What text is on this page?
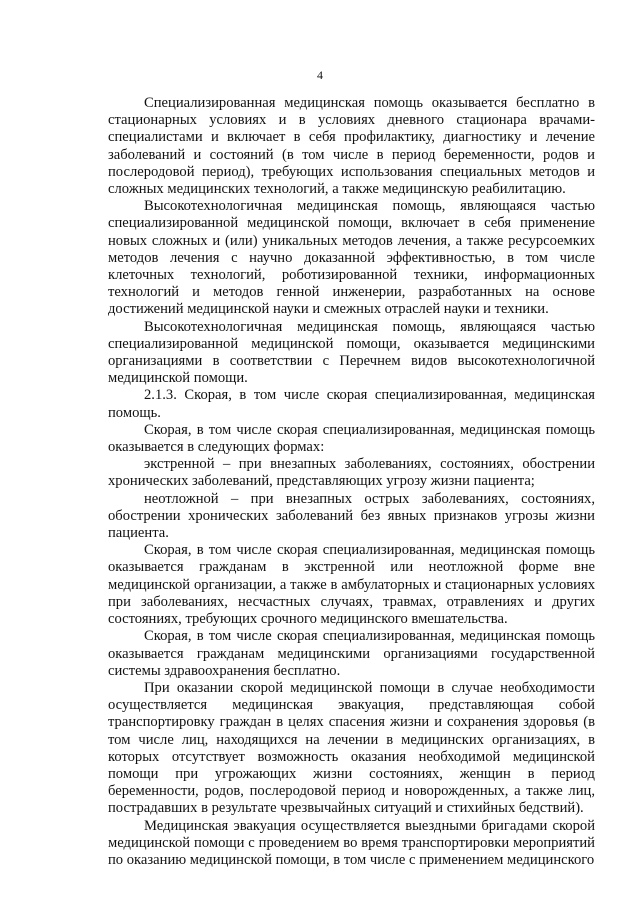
4

Специализированная медицинская помощь оказывается бесплатно в стационарных условиях и в условиях дневного стационара врачами-специалистами и включает в себя профилактику, диагностику и лечение заболеваний и состояний (в том числе в период беременности, родов и послеродовой период), требующих использования специальных методов и сложных медицинских технологий, а также медицинскую реабилитацию.

Высокотехнологичная медицинская помощь, являющаяся частью специализированной медицинской помощи, включает в себя применение новых сложных и (или) уникальных методов лечения, а также ресурсоемких методов лечения с научно доказанной эффективностью, в том числе клеточных технологий, роботизированной техники, информационных технологий и методов генной инженерии, разработанных на основе достижений медицинской науки и смежных отраслей науки и техники.

Высокотехнологичная медицинская помощь, являющаяся частью специализированной медицинской помощи, оказывается медицинскими организациями в соответствии с Перечнем видов высокотехнологичной медицинской помощи.

2.1.3. Скорая, в том числе скорая специализированная, медицинская помощь.

Скорая, в том числе скорая специализированная, медицинская помощь оказывается в следующих формах:

экстренной – при внезапных заболеваниях, состояниях, обострении хронических заболеваний, представляющих угрозу жизни пациента;

неотложной – при внезапных острых заболеваниях, состояниях, обострении хронических заболеваний без явных признаков угрозы жизни пациента.

Скорая, в том числе скорая специализированная, медицинская помощь оказывается гражданам в экстренной или неотложной форме вне медицинской организации, а также в амбулаторных и стационарных условиях при заболеваниях, несчастных случаях, травмах, отравлениях и других состояниях, требующих срочного медицинского вмешательства.

Скорая, в том числе скорая специализированная, медицинская помощь оказывается гражданам медицинскими организациями государственной системы здравоохранения бесплатно.

При оказании скорой медицинской помощи в случае необходимости осуществляется медицинская эвакуация, представляющая собой транспортировку граждан в целях спасения жизни и сохранения здоровья (в том числе лиц, находящихся на лечении в медицинских организациях, в которых отсутствует возможность оказания необходимой медицинской помощи при угрожающих жизни состояниях, женщин в период беременности, родов, послеродовой период и новорожденных, а также лиц, пострадавших в результате чрезвычайных ситуаций и стихийных бедствий).

Медицинская эвакуация осуществляется выездными бригадами скорой медицинской помощи с проведением во время транспортировки мероприятий по оказанию медицинской помощи, в том числе с применением медицинского
